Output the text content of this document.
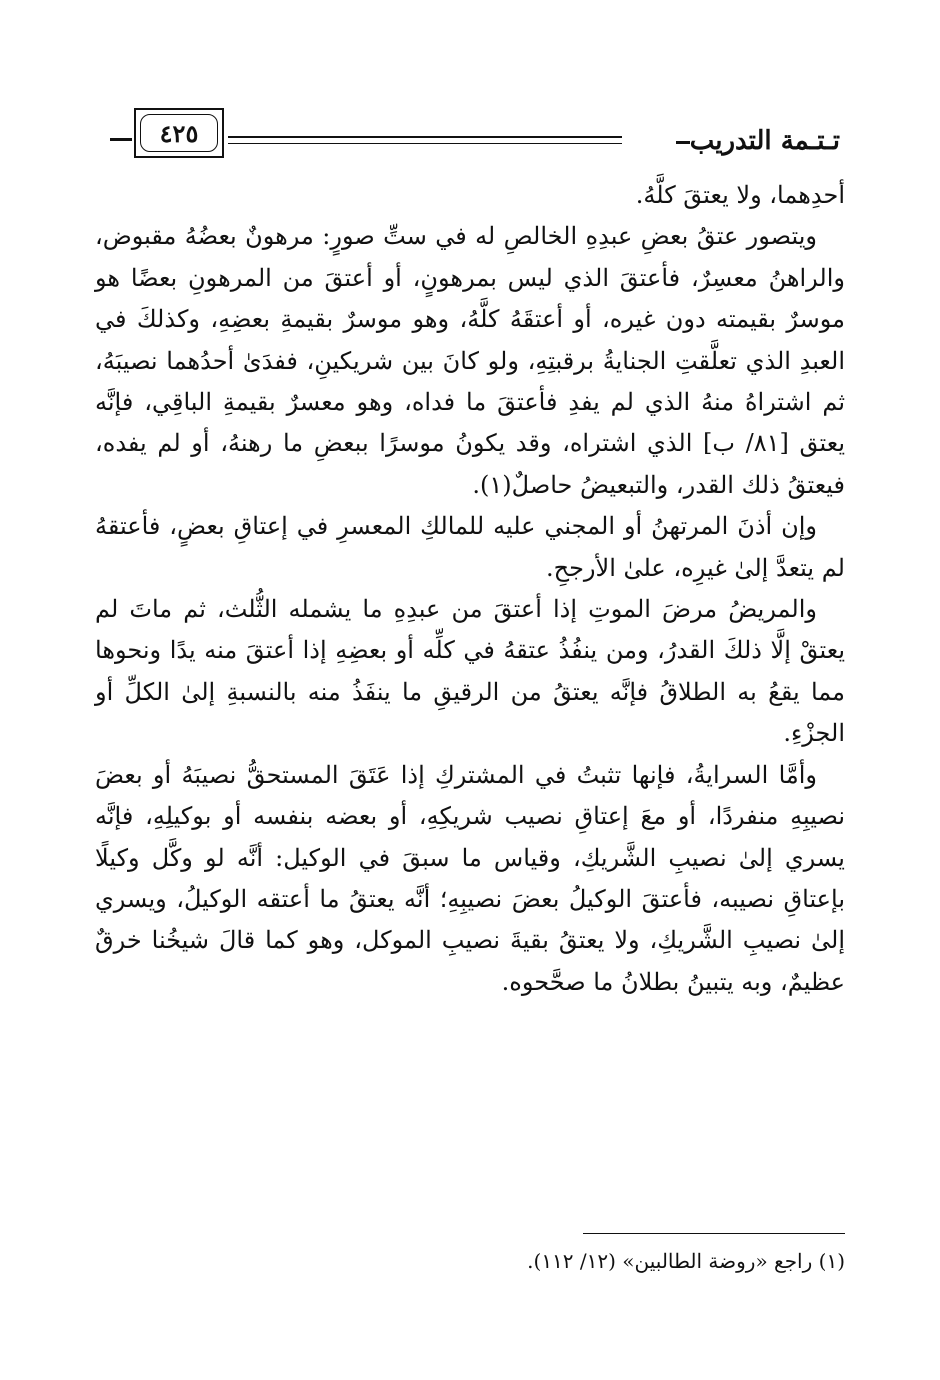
٤٢٥	تـتـمة التدريب

أحدِهما، ولا يعتقَ كلَّهُ.

ويتصور عتقُ بعضِ عبدِهِ الخالصِ له في ستِّ صورٍ: مرهونٌ بعضُهُ مقبوض، والراهنُ معسِرٌ، فأعتقَ الذي ليس بمرهونٍ، أو أعتقَ من المرهونِ بعضًا هو موسرٌ بقيمته دون غيره، أو أعتقَهُ كلَّهُ، وهو موسرٌ بقيمةِ بعضِهِ، وكذلكَ في العبدِ الذي تعلَّقتِ الجنايةُ برقبتِهِ، ولو كانَ بين شريكينِ، ففدَىٰ أحدُهما نصيبَهُ، ثم اشتراهُ منهُ الذي لم يفدِ فأعتقَ ما فداه، وهو معسرٌ بقيمةِ الباقِي، فإنَّه يعتق [٨١/ ب] الذي اشتراه، وقد يكونُ موسرًا ببعضِ ما رهنهُ، أو لم يفده، فيعتقُ ذلك القدر، والتبعيضُ حاصلٌ(١).

وإن أذنَ المرتهنُ أو المجني عليه للمالكِ المعسرِ في إعتاقِ بعضٍ، فأعتقهُ لم يتعدَّ إلىٰ غيرِه، علىٰ الأرجحِ.

والمريضُ مرضَ الموتِ إذا أعتقَ من عبدِهِ ما يشمله الثُّلث، ثم ماتَ لم يعتقْ إلَّا ذلكَ القدرُ، ومن ينفُذُ عتقهُ في كلِّه أو بعضِهِ إذا أعتقَ منه يدًا ونحوها مما يقعُ به الطلاقُ فإنَّه يعتقُ من الرقيقِ ما ينفَذُ منه بالنسبةِ إلىٰ الكلِّ أو الجزْءِ.

وأمَّا السرايةُ، فإنها تثبتُ في المشتركِ إذا عَتَقَ المستحقُّ نصيبَهُ أو بعضَ نصيبِهِ منفردًا، أو معَ إعتاقِ نصيب شريكِهِ، أو بعضه بنفسه أو بوكيلِهِ، فإنَّه يسري إلىٰ نصيبِ الشَّريكِ، وقياس ما سبقَ في الوكيل: أنَّه لو وكَّل وكيلًا بإعتاقِ نصيبه، فأعتقَ الوكيلُ بعضَ نصيبِهِ؛ أنَّه يعتقُ ما أعتقه الوكيلُ، ويسري إلىٰ نصيبِ الشَّريكِ، ولا يعتقُ بقيةَ نصيبِ الموكل، وهو كما قالَ شيخُنا خرقٌ عظيمٌ، وبه يتبينُ بطلانُ ما صحَّحوه.

(١) راجع «روضة الطالبين» (١٢/ ١١٢).
